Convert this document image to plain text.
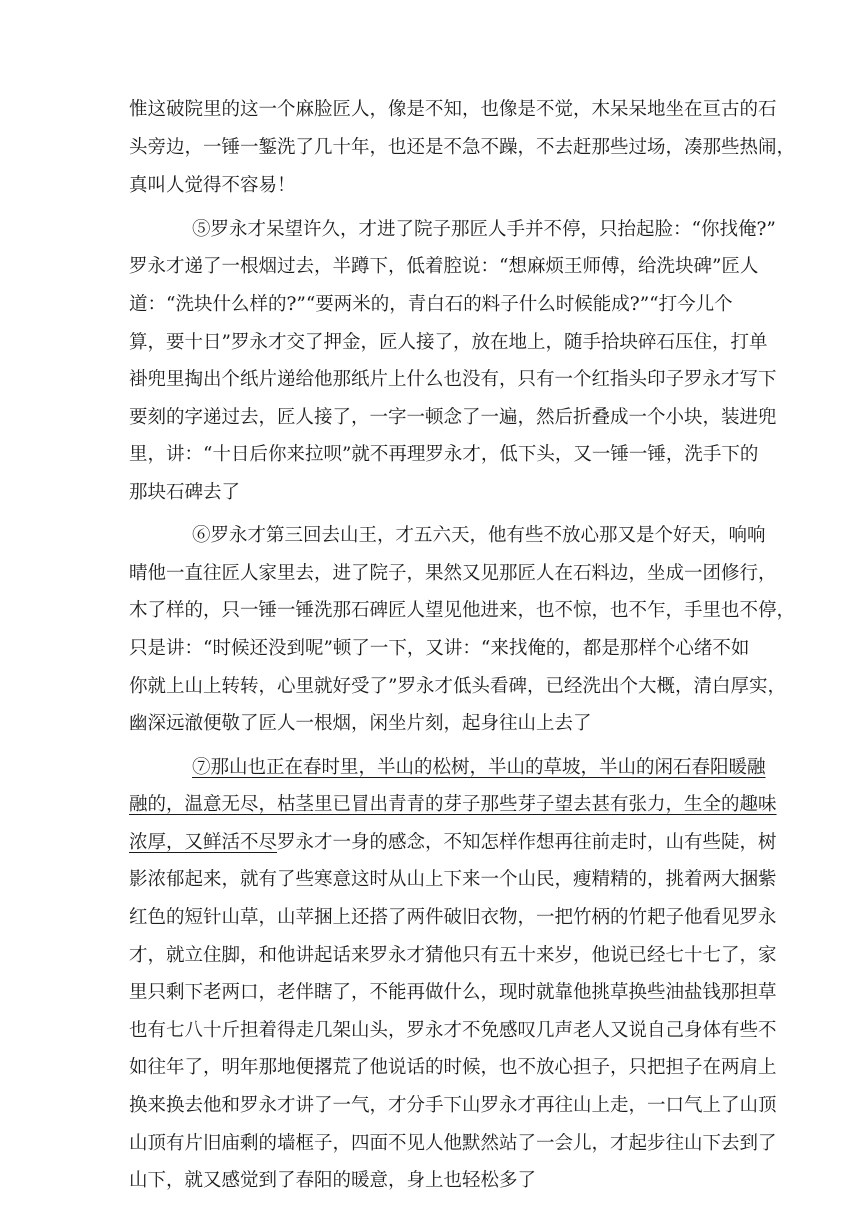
惟这破院里的这一个麻脸匠人，像是不知，也像是不觉，木呆呆地坐在亘古的石
头旁边，一锤一錾洗了几十年，也还是不急不躁，不去赶那些过场，凑那些热闹，
真叫人觉得不容易！
⑤罗永才呆望许久，才进了院子那匠人手并不停，只抬起脸：“你找俺?”
罗永才递了一根烟过去，半蹲下，低着腔说：“想麻烦王师傅，给洗块碑”匠人
道：“洗块什么样的?”“要两米的，青白石的料子什么时候能成?”“打今儿个
算，要十日”罗永才交了押金，匠人接了，放在地上，随手拾块碎石压住，打单
褂兜里掏出个纸片递给他那纸片上什么也没有，只有一个红指头印子罗永才写下
要刻的字递过去，匠人接了，一字一顿念了一遍，然后折叠成一个小块，装进兜
里，讲：“十日后你来拉呗”就不再理罗永才，低下头，又一锤一锤，洗手下的
那块石碑去了
⑥罗永才第三回去山王，才五六天，他有些不放心那又是个好天，响响
晴他一直往匠人家里去，进了院子，果然又见那匠人在石料边，坐成一团修行，
木了样的，只一锤一锤洗那石碑匠人望见他进来，也不惊，也不乍，手里也不停，
只是讲：“时候还没到呢”顿了一下，又讲：“来找俺的，都是那样个心绪不如
你就上山上转转，心里就好受了”罗永才低头看碑，已经洗出个大概，清白厚实，
幽深远澈便敬了匠人一根烟，闲坐片刻，起身往山上去了
⑦那山也正在春时里，半山的松树，半山的草坡，半山的闲石春阳暖融
融的，温意无尽，枯茎里已冒出青青的芽子那些芽子望去甚有张力，生全的趣味
浓厚，又鲜活不尽罗永才一身的感念，不知怎样作想再往前走时，山有些陡，树
影浓郁起来，就有了些寒意这时从山上下来一个山民，瘦精精的，挑着两大捆紫
红色的短针山草，山苹捆上还搭了两件破旧衣物，一把竹柄的竹耙子他看见罗永
才，就立住脚，和他讲起话来罗永才猜他只有五十来岁，他说已经七十七了，家
里只剩下老两口，老伴瞎了，不能再做什么，现时就靠他挑草换些油盐钱那担草
也有七八十斤担着得走几架山头，罗永才不免感叹几声老人又说自己身体有些不
如往年了，明年那地便撂荒了他说话的时候，也不放心担子，只把担子在两肩上
换来换去他和罗永才讲了一气，才分手下山罗永才再往山上走，一口气上了山顶
山顶有片旧庙剩的墙框子，四面不见人他默然站了一会儿，才起步往山下去到了
山下，就又感觉到了春阳的暖意，身上也轻松多了
